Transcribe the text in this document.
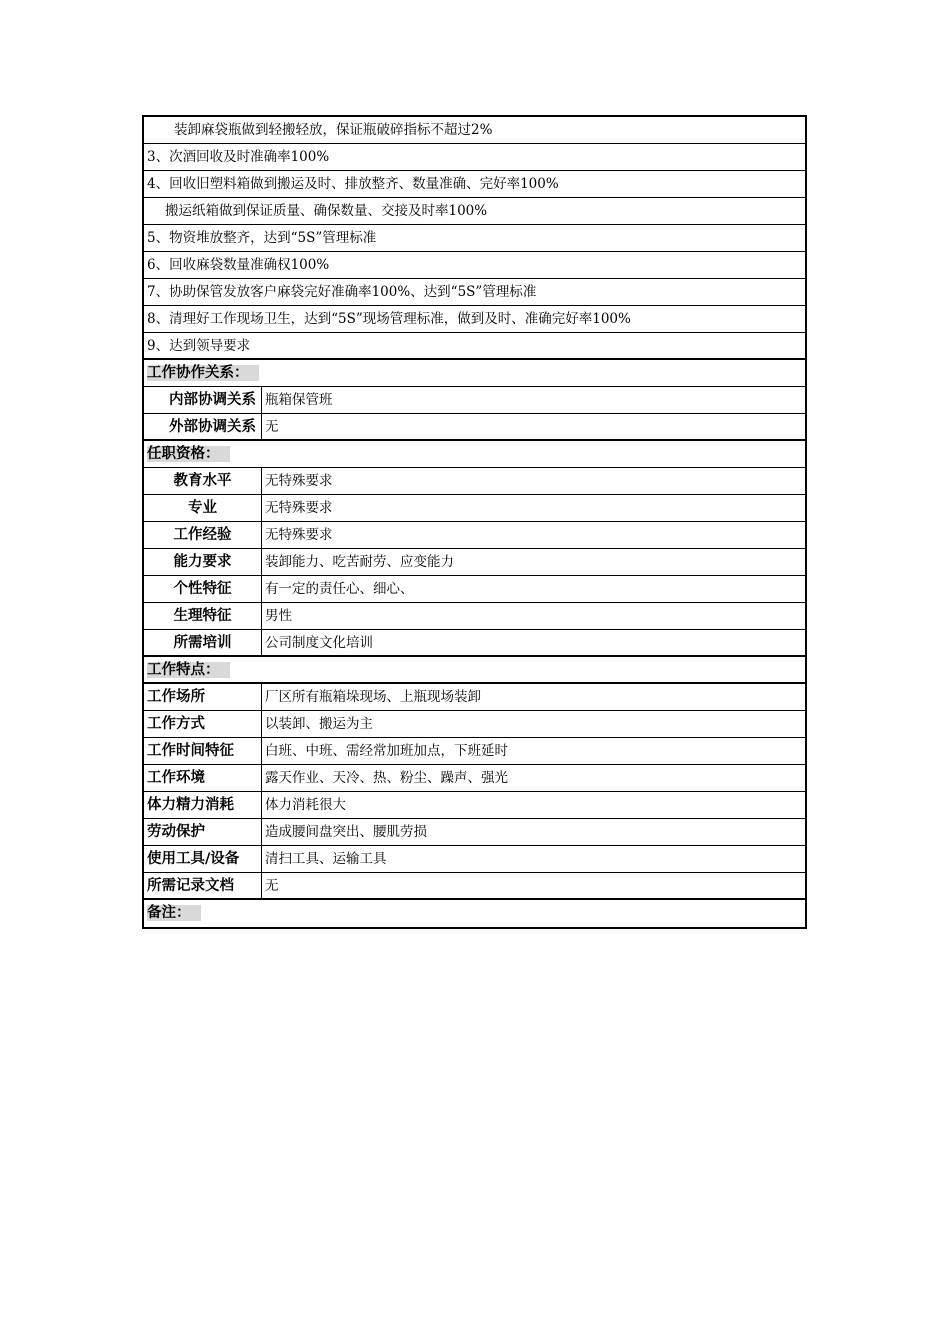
装卸麻袋瓶做到轻搬轻放，保证瓶破碎指标不超过2%
3、次酒回收及时准确率100%
4、回收旧塑料箱做到搬运及时、排放整齐、数量准确、完好率100%
搬运纸箱做到保证质量、确保数量、交接及时率100%
5、物资堆放整齐，达到“5S”管理标准
6、回收麻袋数量准确权100%
7、协助保管发放客户麻袋完好准确率100%、达到“5S”管理标准
8、清理好工作现场卫生，达到“5S”现场管理标准，做到及时、准确完好率100%
9、达到领导要求
工作协作关系：
内部协调关系 瓶箱保管班
外部协调关系 无
任职资格：
教育水平	无特殊要求
专业	无特殊要求
工作经验	无特殊要求
能力要求	装卸能力、吃苦耐劳、应变能力
个性特征	有一定的责任心、细心、
生理特征	男性
所需培训	公司制度文化培训
工作特点：
工作场所	厂区所有瓶箱垛现场、上瓶现场装卸
工作方式	以装卸、搬运为主
工作时间特征	白班、中班、需经常加班加点，下班延时
工作环境	露天作业、天冷、热、粉尘、躁声、强光
体力精力消耗	体力消耗很大
劳动保护	造成腰间盘突出、腰肌劳损
使用工具/设备	清扫工具、运输工具
所需记录文档	无
备注：
